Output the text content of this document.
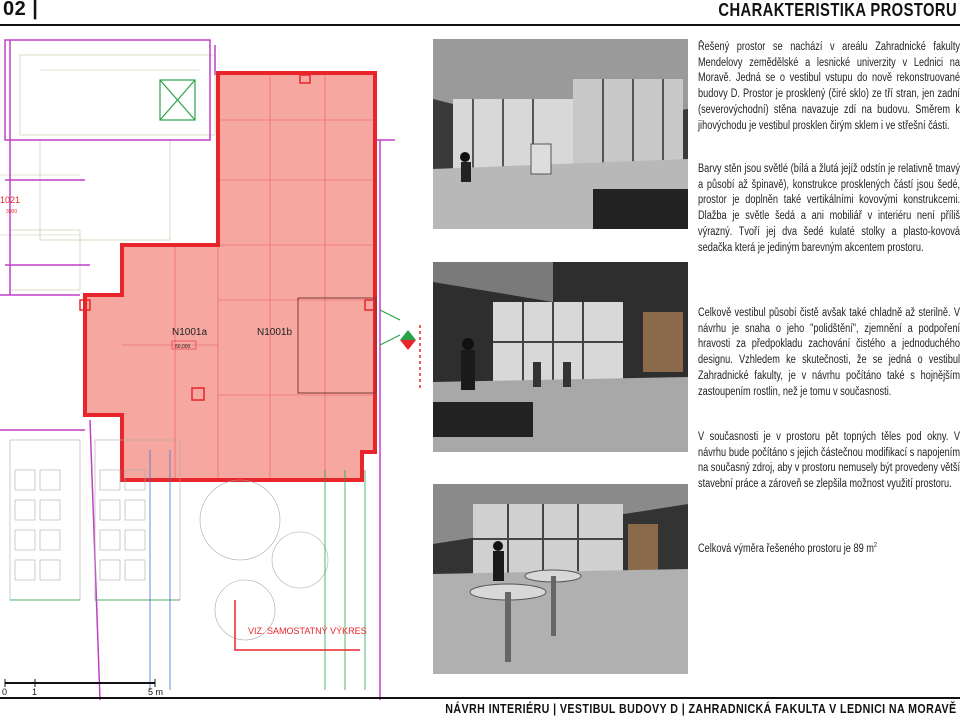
02 |	CHARAKTERISTIKA PROSTORU
N1001a
60,000
N1001b
1021
3000
VIZ. SAMOSTATNÝ VÝKRES
0	1	5 m
Řešený prostor se nachází v areálu Zahradnické fakulty Mendelovy zemědělské a lesnické univerzity v Lednici na Moravě. Jedná se o vestibul vstupu do nově rekonstruované budovy D. Prostor je prosklený (čiré sklo) ze tří stran, jen zadní (severovýchodní) stěna navazuje zdí na budovu. Směrem k jihovýchodu je vestibul prosklen čirým sklem i ve střešní části.
Barvy stěn jsou světlé (bílá a žlutá jejíž odstín je relativně tmavý a působí až špinavě), konstrukce prosklených částí jsou šedé, prostor je doplněn také vertikálními kovovými konstrukcemi. Dlažba je světle šedá a ani mobiliář v interiéru není příliš výrazný. Tvoří jej dva šedé kulaté stolky a plasto-kovová sedačka která je jediným barevným akcentem prostoru.
Celkově vestibul působí čistě avšak také chladně až sterilně. V návrhu je snaha o jeho "polidštění", zjemnění a podpoření hravosti za předpokladu zachování čistého a jednoduchého designu. Vzhledem ke skutečnosti, že se jedná o vestibul Zahradnické fakulty, je v návrhu počítáno také s hojnějším zastoupením rostlin, než je tomu v současnosti.
V současnosti je v prostoru pět topných těles pod okny. V návrhu bude počítáno s jejich částečnou modifikací s napojením na současný zdroj, aby v prostoru nemusely být provedeny větší stavební práce a zároveň se zlepšila možnost využití prostoru.
Celková výměra řešeného prostoru je 89 $m^2$
NÁVRH INTERIÉRU | VESTIBUL BUDOVY D | ZAHRADNICKÁ FAKULTA V LEDNICI NA MORAVĚ
